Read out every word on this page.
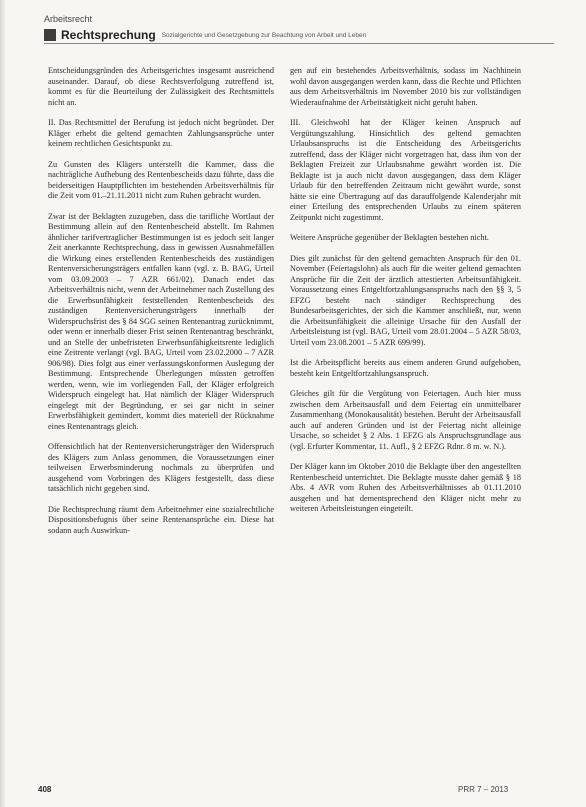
Arbeitsrecht
Rechtsprechung Sozialgerichte und Gesetzgebung zur Beachtung von Arbeit und Leben

Entscheidungsgründen des Arbeitsgerichtes insgesamt ausreichend auseinander. Darauf, ob diese Rechtsverfolgung zutreffend ist, kommt es für die Beurteilung der Zulässigkeit des Rechtsmittels nicht an.

II. Das Rechtsmittel der Berufung ist jedoch nicht begründet. Der Kläger erhebt die geltend gemachten Zahlungsansprüche unter keinem rechtlichen Gesichtspunkt zu.

Zu Gunsten des Klägers unterstellt die Kammer, dass die nachträgliche Aufhebung des Rentenbescheids dazu führte, dass die beiderseitigen Hauptpflichten im bestehenden Arbeitsverhältnis für die Zeit vom 01.–21.11.2011 nicht zum Ruhen gebracht wurden.

Zwar ist der Beklagten zuzugeben, dass die tarifliche Wortlaut der Bestimmung allein auf den Rentenbescheid abstellt. Im Rahmen ähnlicher tarifvertraglicher Bestimmungen ist es jedoch seit langer Zeit anerkannte Rechtsprechung, dass in gewissen Ausnahmefällen die Wirkung eines erstellenden Rentenbescheids des zuständigen Rentenversicherungsträgers entfallen kann (vgl. z. B. BAG, Urteil vom 03.09.2003 – 7 AZR 661/02). Danach endet das Arbeitsverhältnis nicht, wenn der Arbeitnehmer nach Zustellung des die Erwerbsunfähigkeit feststellenden Rentenbescheids des zuständigen Rentenversicherungsträgers innerhalb der Widerspruchsfrist des § 84 SGG seinen Rentenantrag zurücknimmt, oder wenn er innerhalb dieser Frist seinen Rentenantrag beschränkt, und an Stelle der unbefristeten Erwerbsunfähigkeitsrente lediglich eine Zeitrente verlangt (vgl. BAG, Urteil vom 23.02.2000 – 7 AZR 906/98). Dies folgt aus einer verfassungskonformen Auslegung der Bestimmung. Entsprechende Überlegungen müssten getroffen werden, wenn, wie im vorliegenden Fall, der Kläger erfolgreich Widerspruch eingelegt hat. Hat nämlich der Kläger Widerspruch eingelegt mit der Begründung, er sei gar nicht in seiner Erwerbsfähigkeit gemindert, kommt dies materiell der Rücknahme eines Rentenantrags gleich.

Offensichtlich hat der Rentenversicherungsträger den Widerspruch des Klägers zum Anlass genommen, die Voraussetzungen einer teilweisen Erwerbsminderung nochmals zu überprüfen und ausgehend vom Vorbringen des Klägers festgestellt, dass diese tatsächlich nicht gegeben sind.

Die Rechtsprechung räumt dem Arbeitnehmer eine sozialrechtliche Dispositionsbefugnis über seine Rentenansprüche ein. Diese hat sodann auch Auswirkun-

gen auf ein bestehendes Arbeitsverhältnis, sodass im Nachhinein wohl davon ausgegangen werden kann, dass die Rechte und Pflichten aus dem Arbeitsverhältnis im November 2010 bis zur vollständigen Wiederaufnahme der Arbeitstätigkeit nicht geruht haben.

III. Gleichwohl hat der Kläger keinen Anspruch auf Vergütungszahlung. Hinsichtlich des geltend gemachten Urlaubsanspruchs ist die Entscheidung des Arbeitsgerichts zutreffend, dass der Kläger nicht vorgetragen hat, dass ihm von der Beklagten Freizeit zur Urlaubsnahme gewährt worden ist. Die Beklagte ist ja auch nicht davon ausgegangen, dass dem Kläger Urlaub für den betreffenden Zeitraum nicht gewährt wurde, sonst hätte sie eine Übertragung auf das darauffolgende Kalenderjahr mit einer Erteilung des entsprechenden Urlaubs zu einem späteren Zeitpunkt nicht zugestimmt.

Weitere Ansprüche gegenüber der Beklagten bestehen nicht.

Dies gilt zunächst für den geltend gemachten Anspruch für den 01. November (Feiertagslohn) als auch für die weiter geltend gemachten Ansprüche für die Zeit der ärztlich attestierten Arbeitsunfähigkeit. Voraussetzung eines Entgeltfortzahlungsanspruchs nach den §§ 3, 5 EFZG besteht nach ständiger Rechtsprechung des Bundesarbeitsgerichtes, der sich die Kammer anschließt, nur, wenn die Arbeitsunfähigkeit die alleinige Ursache für den Ausfall der Arbeitsleistung ist (vgl. BAG, Urteil vom 28.01.2004 – 5 AZR 58/03, Urteil vom 23.08.2001 – 5 AZR 699/99).

Ist die Arbeitspflicht bereits aus einem anderen Grund aufgehoben, besteht kein Entgeltfortzahlungsanspruch.

Gleiches gilt für die Vergütung von Feiertagen. Auch hier muss zwischen dem Arbeitsausfall und dem Feiertag ein unmittelbarer Zusammenhang (Monokausalität) bestehen. Beruht der Arbeitsausfall auch auf anderen Gründen und ist der Feiertag nicht alleinige Ursache, so scheidet § 2 Abs. 1 EFZG als Anspruchsgrundlage aus (vgl. Erfurter Kommentar, 11. Aufl., § 2 EFZG Rdnr. 8 m. w. N.).

Der Kläger kann im Oktober 2010 die Beklagte über den angestellten Rentenbescheid unterrichtet. Die Beklagte musste daher gemäß § 18 Abs. 4 AVR vom Ruhen des Arbeitsverhältnisses ab 01.11.2010 ausgehen und hat dementsprechend den Kläger nicht mehr zu weiteren Arbeitsleistungen eingeteilt.

408	PRR 7 – 2013
